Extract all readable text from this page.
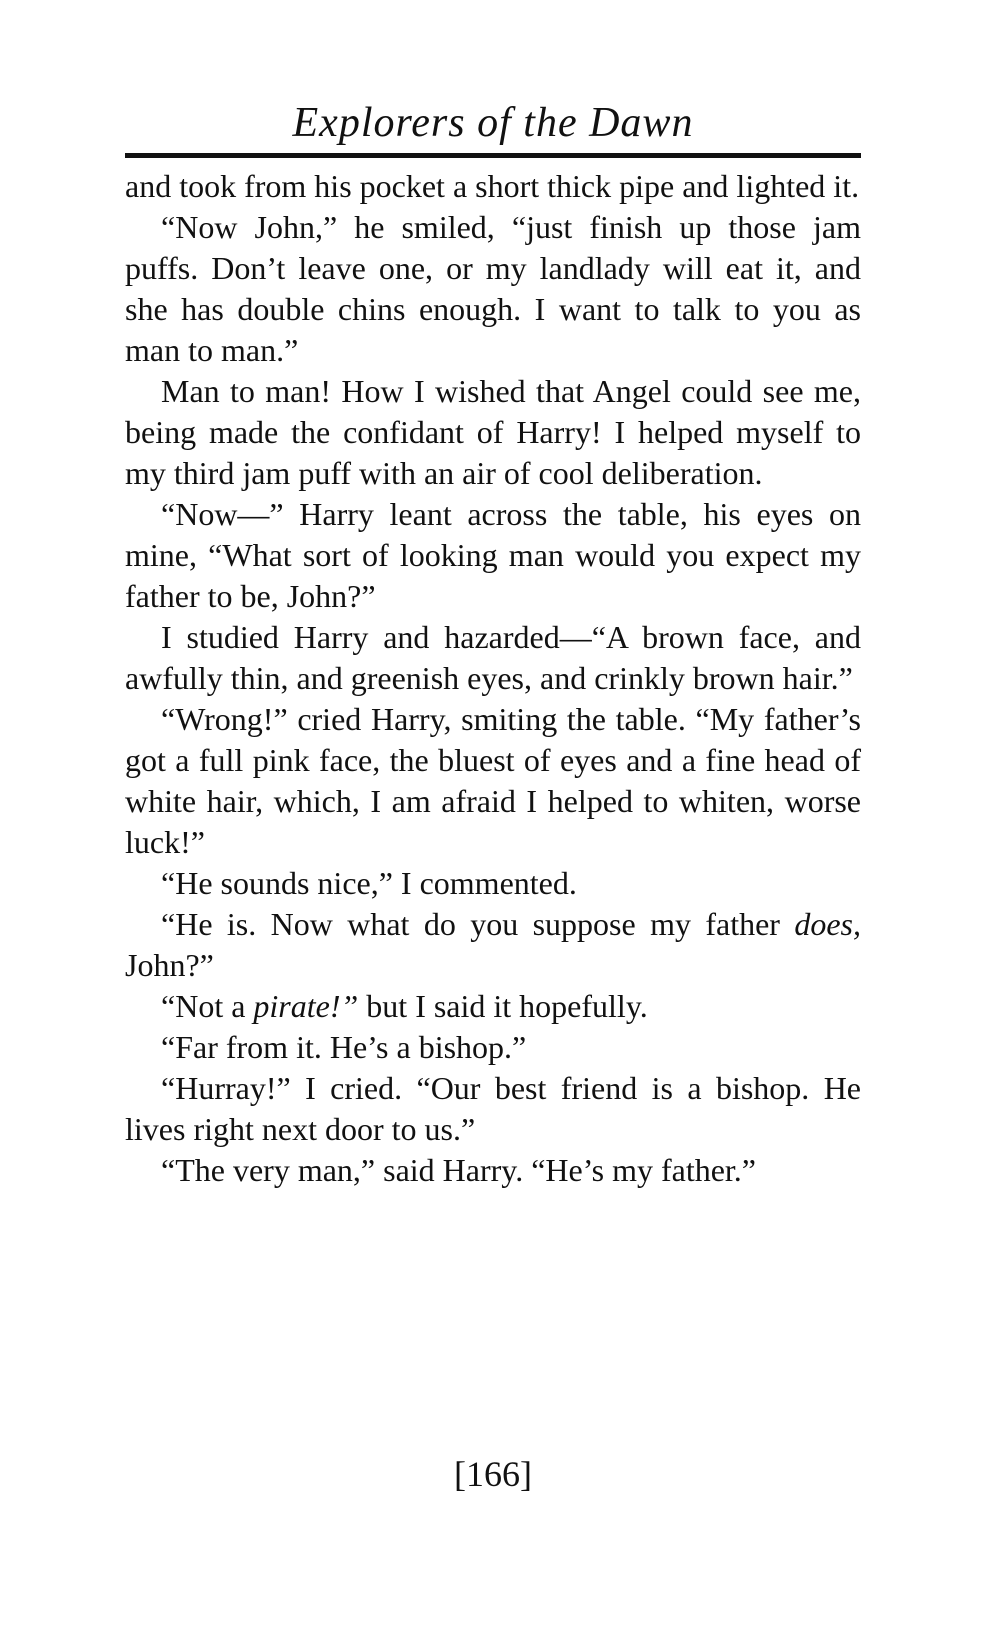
Explorers of the Dawn

and took from his pocket a short thick pipe and lighted it.

“Now John,” he smiled, “just finish up those jam puffs. Don’t leave one, or my landlady will eat it, and she has double chins enough. I want to talk to you as man to man.”

Man to man! How I wished that Angel could see me, being made the confidant of Harry! I helped myself to my third jam puff with an air of cool deliberation.

“Now—” Harry leant across the table, his eyes on mine, “What sort of looking man would you expect my father to be, John?”

I studied Harry and hazarded—“A brown face, and awfully thin, and greenish eyes, and crinkly brown hair.”

“Wrong!” cried Harry, smiting the table. “My father’s got a full pink face, the bluest of eyes and a fine head of white hair, which, I am afraid I helped to whiten, worse luck!”

“He sounds nice,” I commented.

“He is. Now what do you suppose my father does, John?”

“Not a pirate!” but I said it hopefully.

“Far from it. He’s a bishop.”

“Hurray!” I cried. “Our best friend is a bishop. He lives right next door to us.”

“The very man,” said Harry. “He’s my father.”

[166]
